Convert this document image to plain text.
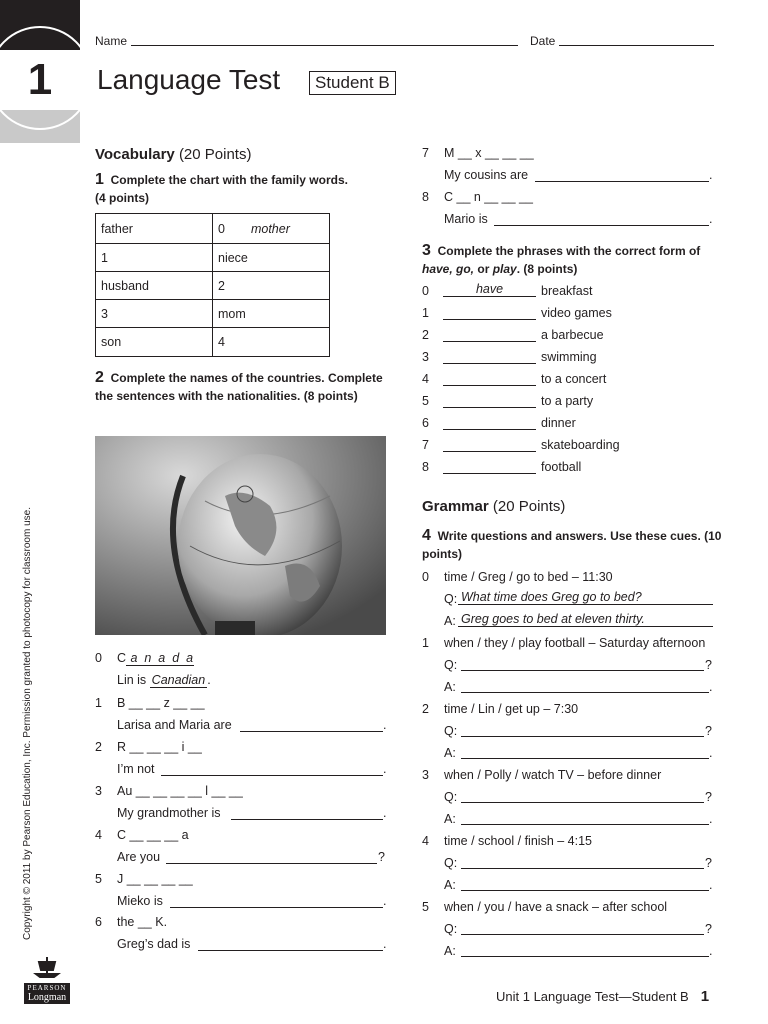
1
Name	Date
Language Test	Student B
Vocabulary (20 Points)
1 Complete the chart with the family words.
(4 points)
father	0 mother
1	niece
husband	2
3	mom
son	4
2 Complete the names of the countries. Complete the sentences with the nationalities. (8 points)
0 C a  n  a  d  a
Lin is Canadian .
1 B __ __ z __ __
Larisa and Maria are	.
2 R __ __ __ i __
I’m not	.
3 Au __ __ __ __ l __ __
My grandmother is	.
4 C __ __ __ a
Are you	?
5 J __ __ __ __
Mieko is	.
6 the __ K.
Greg’s dad is	.
7 M __ x __ __ __
My cousins are	.
8 C __ n __ __ __
Mario is	.
3 Complete the phrases with the correct form of have, go, or play. (8 points)
0	have	breakfast
1	video games
2	a barbecue
3	swimming
4	to a concert
5	to a party
6	dinner
7	skateboarding
8	football
Grammar (20 Points)
4 Write questions and answers. Use these cues. (10 points)
0 time / Greg / go to bed – 11:30
Q: What time does Greg go to bed?
A: Greg goes to bed at eleven thirty.
1 when / they / play football – Saturday afternoon
Q:	?
A:	.
2 time / Lin / get up – 7:30
Q:	?
A:	.
3 when / Polly / watch TV – before dinner
Q:	?
A:	.
4 time / school / finish – 4:15
Q:	?
A:	.
5 when / you / have a snack – after school
Q:	?
A:	.
Copyright © 2011 by Pearson Education, Inc. Permission granted to photocopy for classroom use.
PEARSON
Longman	Unit 1 Language Test—Student B 1
